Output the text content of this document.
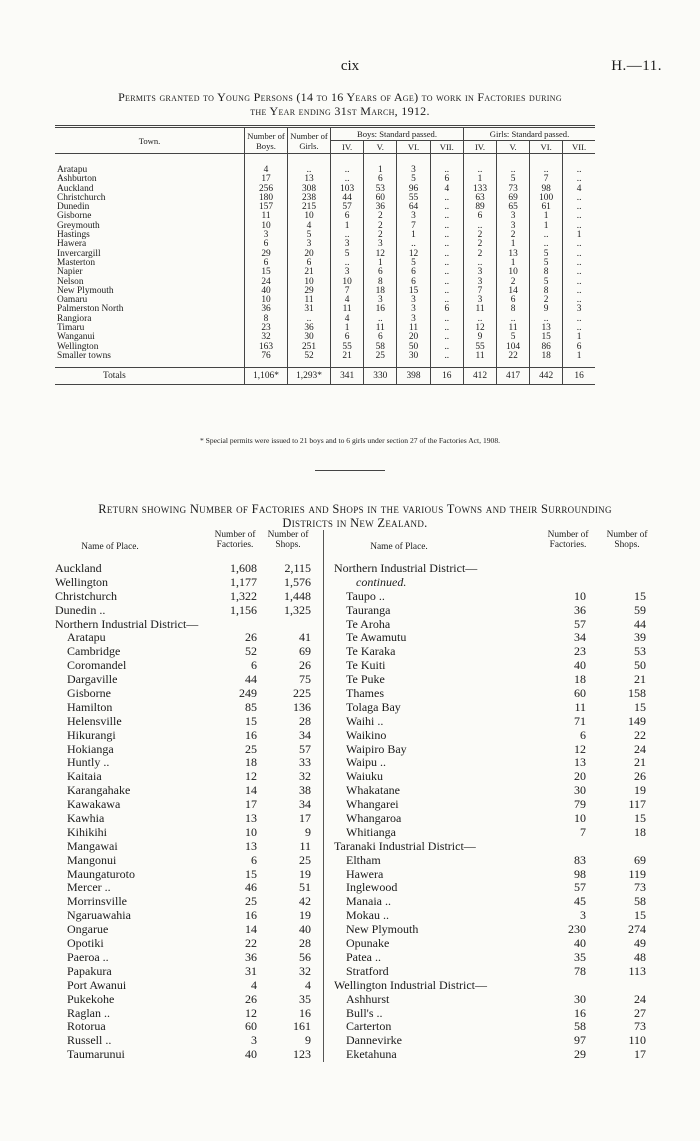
cix	H.—11.
Permits granted to Young Persons (14 to 16 Years of Age) to work in Factories during
the Year ending 31st March, 1912.
Town.	Number of Boys.	Number of Girls.	Boys: Standard passed.				Girls: Standard passed.			
			IV.	V.	VI.	VII.	IV.	V.	VI.	VII.

Aratapu	4	..	..	1	3	..	..	..	..	..
Ashburton	17	13	..	6	5	6	1	5	7	..
Auckland	256	308	103	53	96	4	133	73	98	4
Christchurch	180	238	44	60	55	..	63	69	100	..
Dunedin	157	215	57	36	64	..	89	65	61	..
Gisborne	11	10	6	2	3	..	6	3	1	..
Greymouth	10	4	1	2	7	..	..	3	1	..
Hastings	3	5	..	2	1	..	2	2	..	1
Hawera	6	3	3	3	..	..	2	1	..	..
Invercargill	29	20	5	12	12	..	2	13	5	..
Masterton	6	6	..	1	5	..	..	1	5	..
Napier	15	21	3	6	6	..	3	10	8	..
Nelson	24	10	10	8	6	..	3	2	5	..
New Plymouth	40	29	7	18	15	..	7	14	8	..
Oamaru	10	11	4	3	3	..	3	6	2	..
Palmerston North	36	31	11	16	3	6	11	8	9	3
Rangiora	8	..	4	..	3	..	..	..	..	..
Timaru	23	36	1	11	11	..	12	11	13	..
Wanganui	32	30	6	6	20	..	9	5	15	1
Wellington	163	251	55	58	50	..	55	104	86	6
Smaller towns	76	52	21	25	30	..	11	22	18	1

Totals	1,106*	1,293*	341	330	398	16	412	417	442	16
* Special permits were issued to 21 boys and to 6 girls under section 27 of the Factories Act, 1908.
Return showing Number of Factories and Shops in the various Towns and their Surrounding
Districts in New Zealand.
Name of Place.
Number of Factories.
Number of Shops.
Auckland	1,608	2,115
Wellington	1,177	1,576
Christchurch	1,322	1,448
Dunedin ..	1,156	1,325
Northern Industrial District—
Aratapu	26	41
Cambridge	52	69
Coromandel	6	26
Dargaville	44	75
Gisborne	249	225
Hamilton	85	136
Helensville	15	28
Hikurangi	16	34
Hokianga	25	57
Huntly ..	18	33
Kaitaia	12	32
Karangahake	14	38
Kawakawa	17	34
Kawhia	13	17
Kihikihi	10	9
Mangawai	13	11
Mangonui	6	25
Maungaturoto	15	19
Mercer ..	46	51
Morrinsville	25	42
Ngaruawahia	16	19
Ongarue	14	40
Opotiki	22	28
Paeroa ..	36	56
Papakura	31	32
Port Awanui	4	4
Pukekohe	26	35
Raglan ..	12	16
Rotorua	60	161
Russell ..	3	9
Taumarunui	40	123
Name of Place.
Number of Factories.
Number of Shops.
Northern Industrial District—
continued.
Taupo ..	10	15
Tauranga	36	59
Te Aroha	57	44
Te Awamutu	34	39
Te Karaka	23	53
Te Kuiti	40	50
Te Puke	18	21
Thames	60	158
Tolaga Bay	11	15
Waihi ..	71	149
Waikino	6	22
Waipiro Bay	12	24
Waipu ..	13	21
Waiuku	20	26
Whakatane	30	19
Whangarei	79	117
Whangaroa	10	15
Whitianga	7	18
Taranaki Industrial District—
Eltham	83	69
Hawera	98	119
Inglewood	57	73
Manaia ..	45	58
Mokau ..	3	15
New Plymouth	230	274
Opunake	40	49
Patea ..	35	48
Stratford	78	113
Wellington Industrial District—
Ashhurst	30	24
Bull's ..	16	27
Carterton	58	73
Dannevirke	97	110
Eketahuna	29	17
